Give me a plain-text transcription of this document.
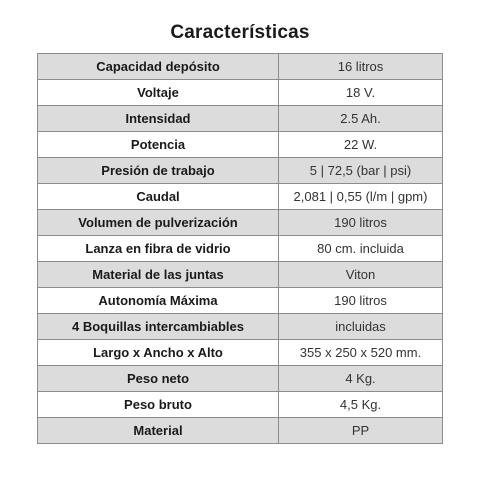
Características
Capacidad depósito	16 litros
Voltaje	18 V.
Intensidad	2.5 Ah.
Potencia	22 W.
Presión de trabajo	5 | 72,5 (bar | psi)
Caudal	2,081 | 0,55 (l/m | gpm)
Volumen de pulverización	190 litros
Lanza en fibra de vidrio	80 cm. incluida
Material de las juntas	Viton
Autonomía Máxima	190 litros
4 Boquillas intercambiables	incluidas
Largo x Ancho x Alto	355 x 250 x 520 mm.
Peso neto	4 Kg.
Peso bruto	4,5 Kg.
Material	PP
